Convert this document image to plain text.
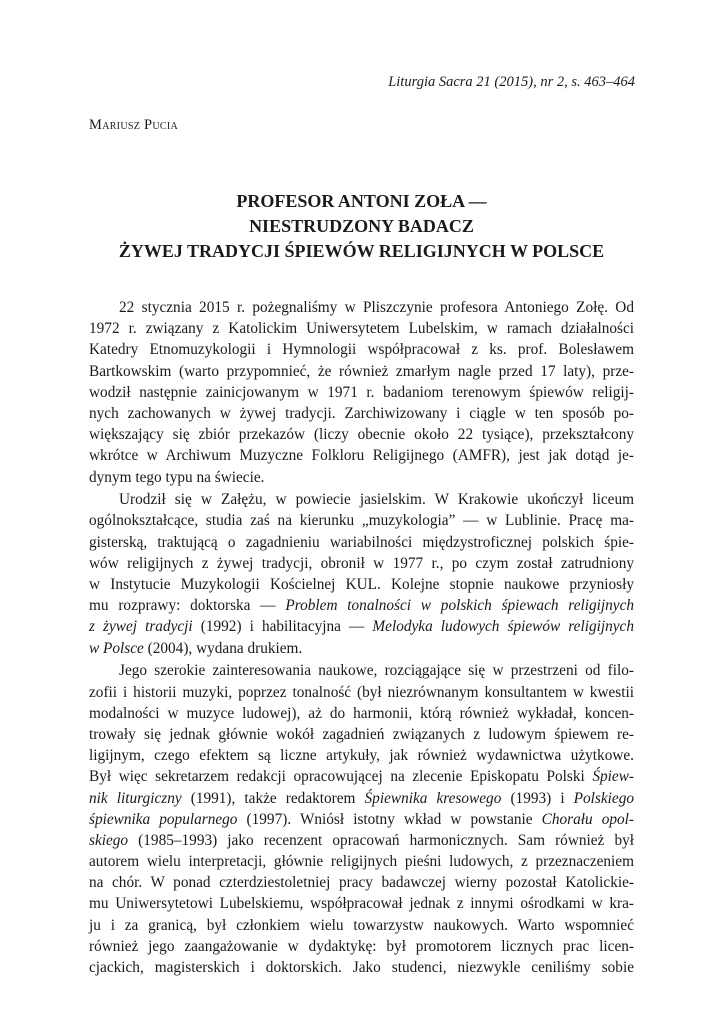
Liturgia Sacra 21 (2015), nr 2, s. 463–464
Mariusz Pucia
PROFESOR ANTONI ZOŁA —
NIESTRUDZONY BADACZ
ŻYWEJ TRADYCJI ŚPIEWÓW RELIGIJNYCH W POLSCE
22 stycznia 2015 r. pożegnaliśmy w Pliszczynie profesora Antoniego Zołę. Od
1972 r. związany z Katolickim Uniwersytetem Lubelskim, w ramach działalności
Katedry Etnomuzykologii i Hymnologii współpracował z ks. prof. Bolesławem
Bartkowskim (warto przypomnieć, że również zmarłym nagle przed 17 laty), prze-
wodził następnie zainicjowanym w 1971 r. badaniom terenowym śpiewów religij-
nych zachowanych w żywej tradycji. Zarchiwizowany i ciągle w ten sposób po-
większający się zbiór przekazów (liczy obecnie około 22 tysiące), przekształcony
wkrótce w Archiwum Muzyczne Folkloru Religijnego (AMFR), jest jak dotąd je-
dynym tego typu na świecie.
Urodził się w Załężu, w powiecie jasielskim. W Krakowie ukończył liceum
ogólnokształcące, studia zaś na kierunku „muzykologia” — w Lublinie. Pracę ma-
gisterską, traktującą o zagadnieniu wariabilności międzystroficznej polskich śpie-
wów religijnych z żywej tradycji, obronił w 1977 r., po czym został zatrudniony
w Instytucie Muzykologii Kościelnej KUL. Kolejne stopnie naukowe przyniosły
mu rozprawy: doktorska — Problem tonalności w polskich śpiewach religijnych
z żywej tradycji (1992) i habilitacyjna — Melodyka ludowych śpiewów religijnych
w Polsce (2004), wydana drukiem.
Jego szerokie zainteresowania naukowe, rozciągające się w przestrzeni od filo-
zofii i historii muzyki, poprzez tonalność (był niezrównanym konsultantem w kwestii
modalności w muzyce ludowej), aż do harmonii, którą również wykładał, koncen-
trowały się jednak głównie wokół zagadnień związanych z ludowym śpiewem re-
ligijnym, czego efektem są liczne artykuły, jak również wydawnictwa użytkowe.
Był więc sekretarzem redakcji opracowującej na zlecenie Episkopatu Polski Śpiew-
nik liturgiczny (1991), także redaktorem Śpiewnika kresowego (1993) i Polskiego
śpiewnika popularnego (1997). Wniósł istotny wkład w powstanie Chorału opol-
skiego (1985–1993) jako recenzent opracowań harmonicznych. Sam również był
autorem wielu interpretacji, głównie religijnych pieśni ludowych, z przeznaczeniem
na chór. W ponad czterdziestoletniej pracy badawczej wierny pozostał Katolickie-
mu Uniwersytetowi Lubelskiemu, współpracował jednak z innymi ośrodkami w kra-
ju i za granicą, był członkiem wielu towarzystw naukowych. Warto wspomnieć
również jego zaangażowanie w dydaktykę: był promotorem licznych prac licen-
cjackich, magisterskich i doktorskich. Jako studenci, niezwykle ceniliśmy sobie
